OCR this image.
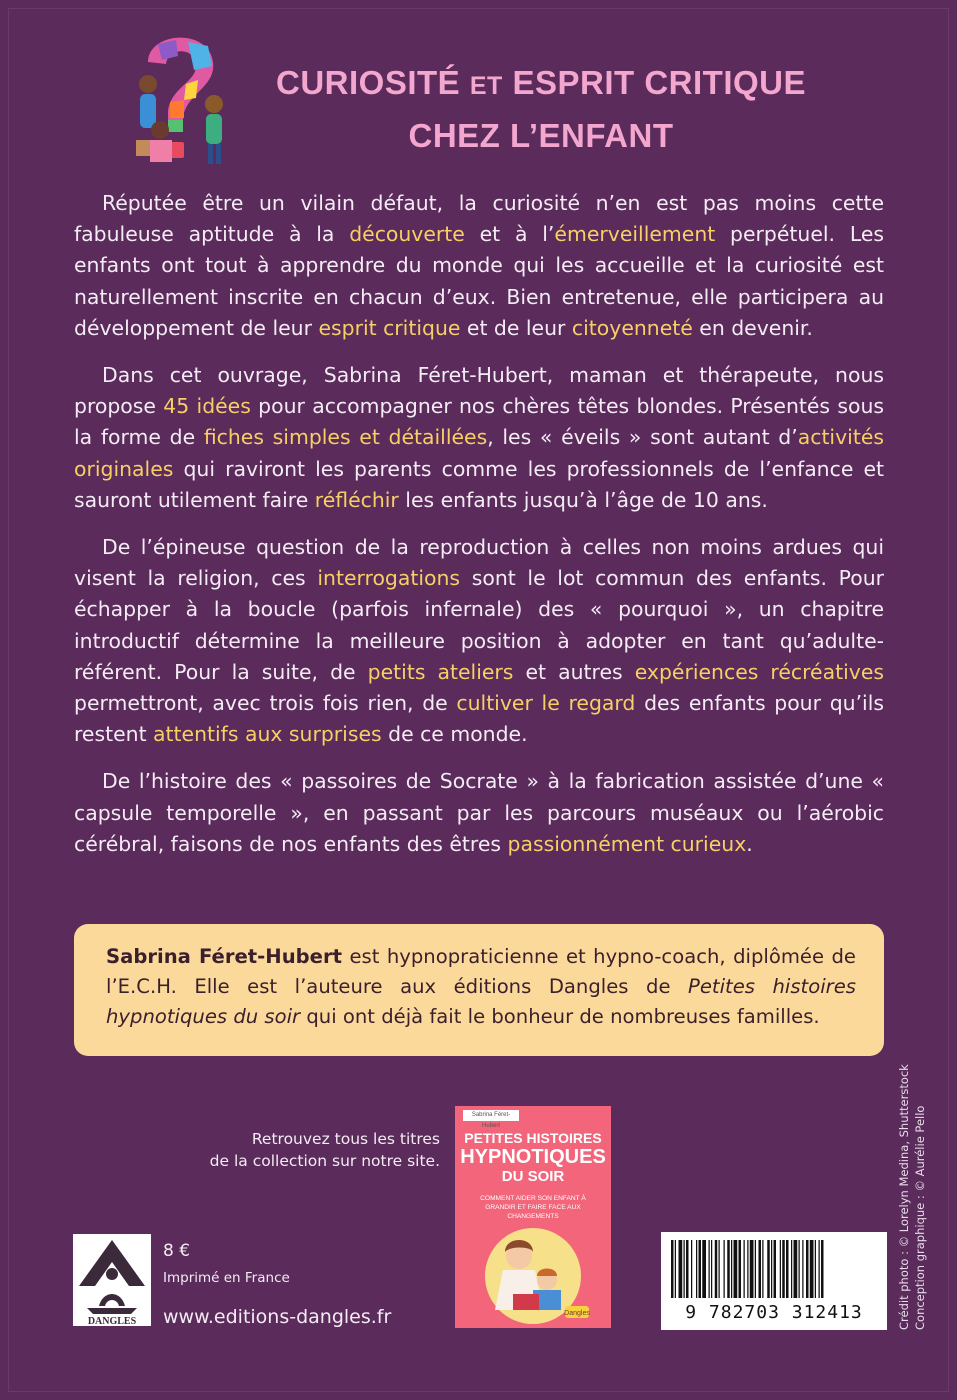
CURIOSITÉ ET ESPRIT CRITIQUE
CHEZ L’ENFANT

Réputée être un vilain défaut, la curiosité n’en est pas moins cette fabuleuse aptitude à la découverte et à l’émerveillement perpétuel. Les enfants ont tout à apprendre du monde qui les accueille et la curiosité est naturellement inscrite en chacun d’eux. Bien entretenue, elle participera au développement de leur esprit critique et de leur citoyenneté en devenir.

Dans cet ouvrage, Sabrina Féret-Hubert, maman et thérapeute, nous propose 45 idées pour accompagner nos chères têtes blondes. Présentés sous la forme de fiches simples et détaillées, les « éveils » sont autant d’activités originales qui raviront les parents comme les professionnels de l’enfance et sauront utilement faire réfléchir les enfants jusqu’à l’âge de 10 ans.

De l’épineuse question de la reproduction à celles non moins ardues qui visent la religion, ces interrogations sont le lot commun des enfants. Pour échapper à la boucle (parfois infernale) des « pourquoi », un chapitre introductif détermine la meilleure position à adopter en tant qu’adulte-référent. Pour la suite, de petits ateliers et autres expériences récréatives permettront, avec trois fois rien, de cultiver le regard des enfants pour qu’ils restent attentifs aux surprises de ce monde.

De l’histoire des « passoires de Socrate » à la fabrication assistée d’une « capsule temporelle », en passant par les parcours muséaux ou l’aérobic cérébral, faisons de nos enfants des êtres passionnément curieux.

Sabrina Féret-Hubert est hypnopraticienne et hypno-coach, diplômée de l’E.C.H. Elle est l’auteure aux éditions Dangles de Petites histoires hypnotiques du soir qui ont déjà fait le bonheur de nombreuses familles.
Retrouvez tous les titres
de la collection sur notre site.
Sabrina Féret-Hubert
PETITES HISTOIRES
HYPNOTIQUES
DU SOIR
COMMENT AIDER SON ENFANT À GRANDIR ET FAIRE FACE AUX CHANGEMENTS
Dangles
DANGLES
8 €
Imprimé en France
www.editions-dangles.fr	9 782703 312413	Crédit photo : © Lorelyn Medina, Shutterstock Conception graphique : © Aurélie Pello
